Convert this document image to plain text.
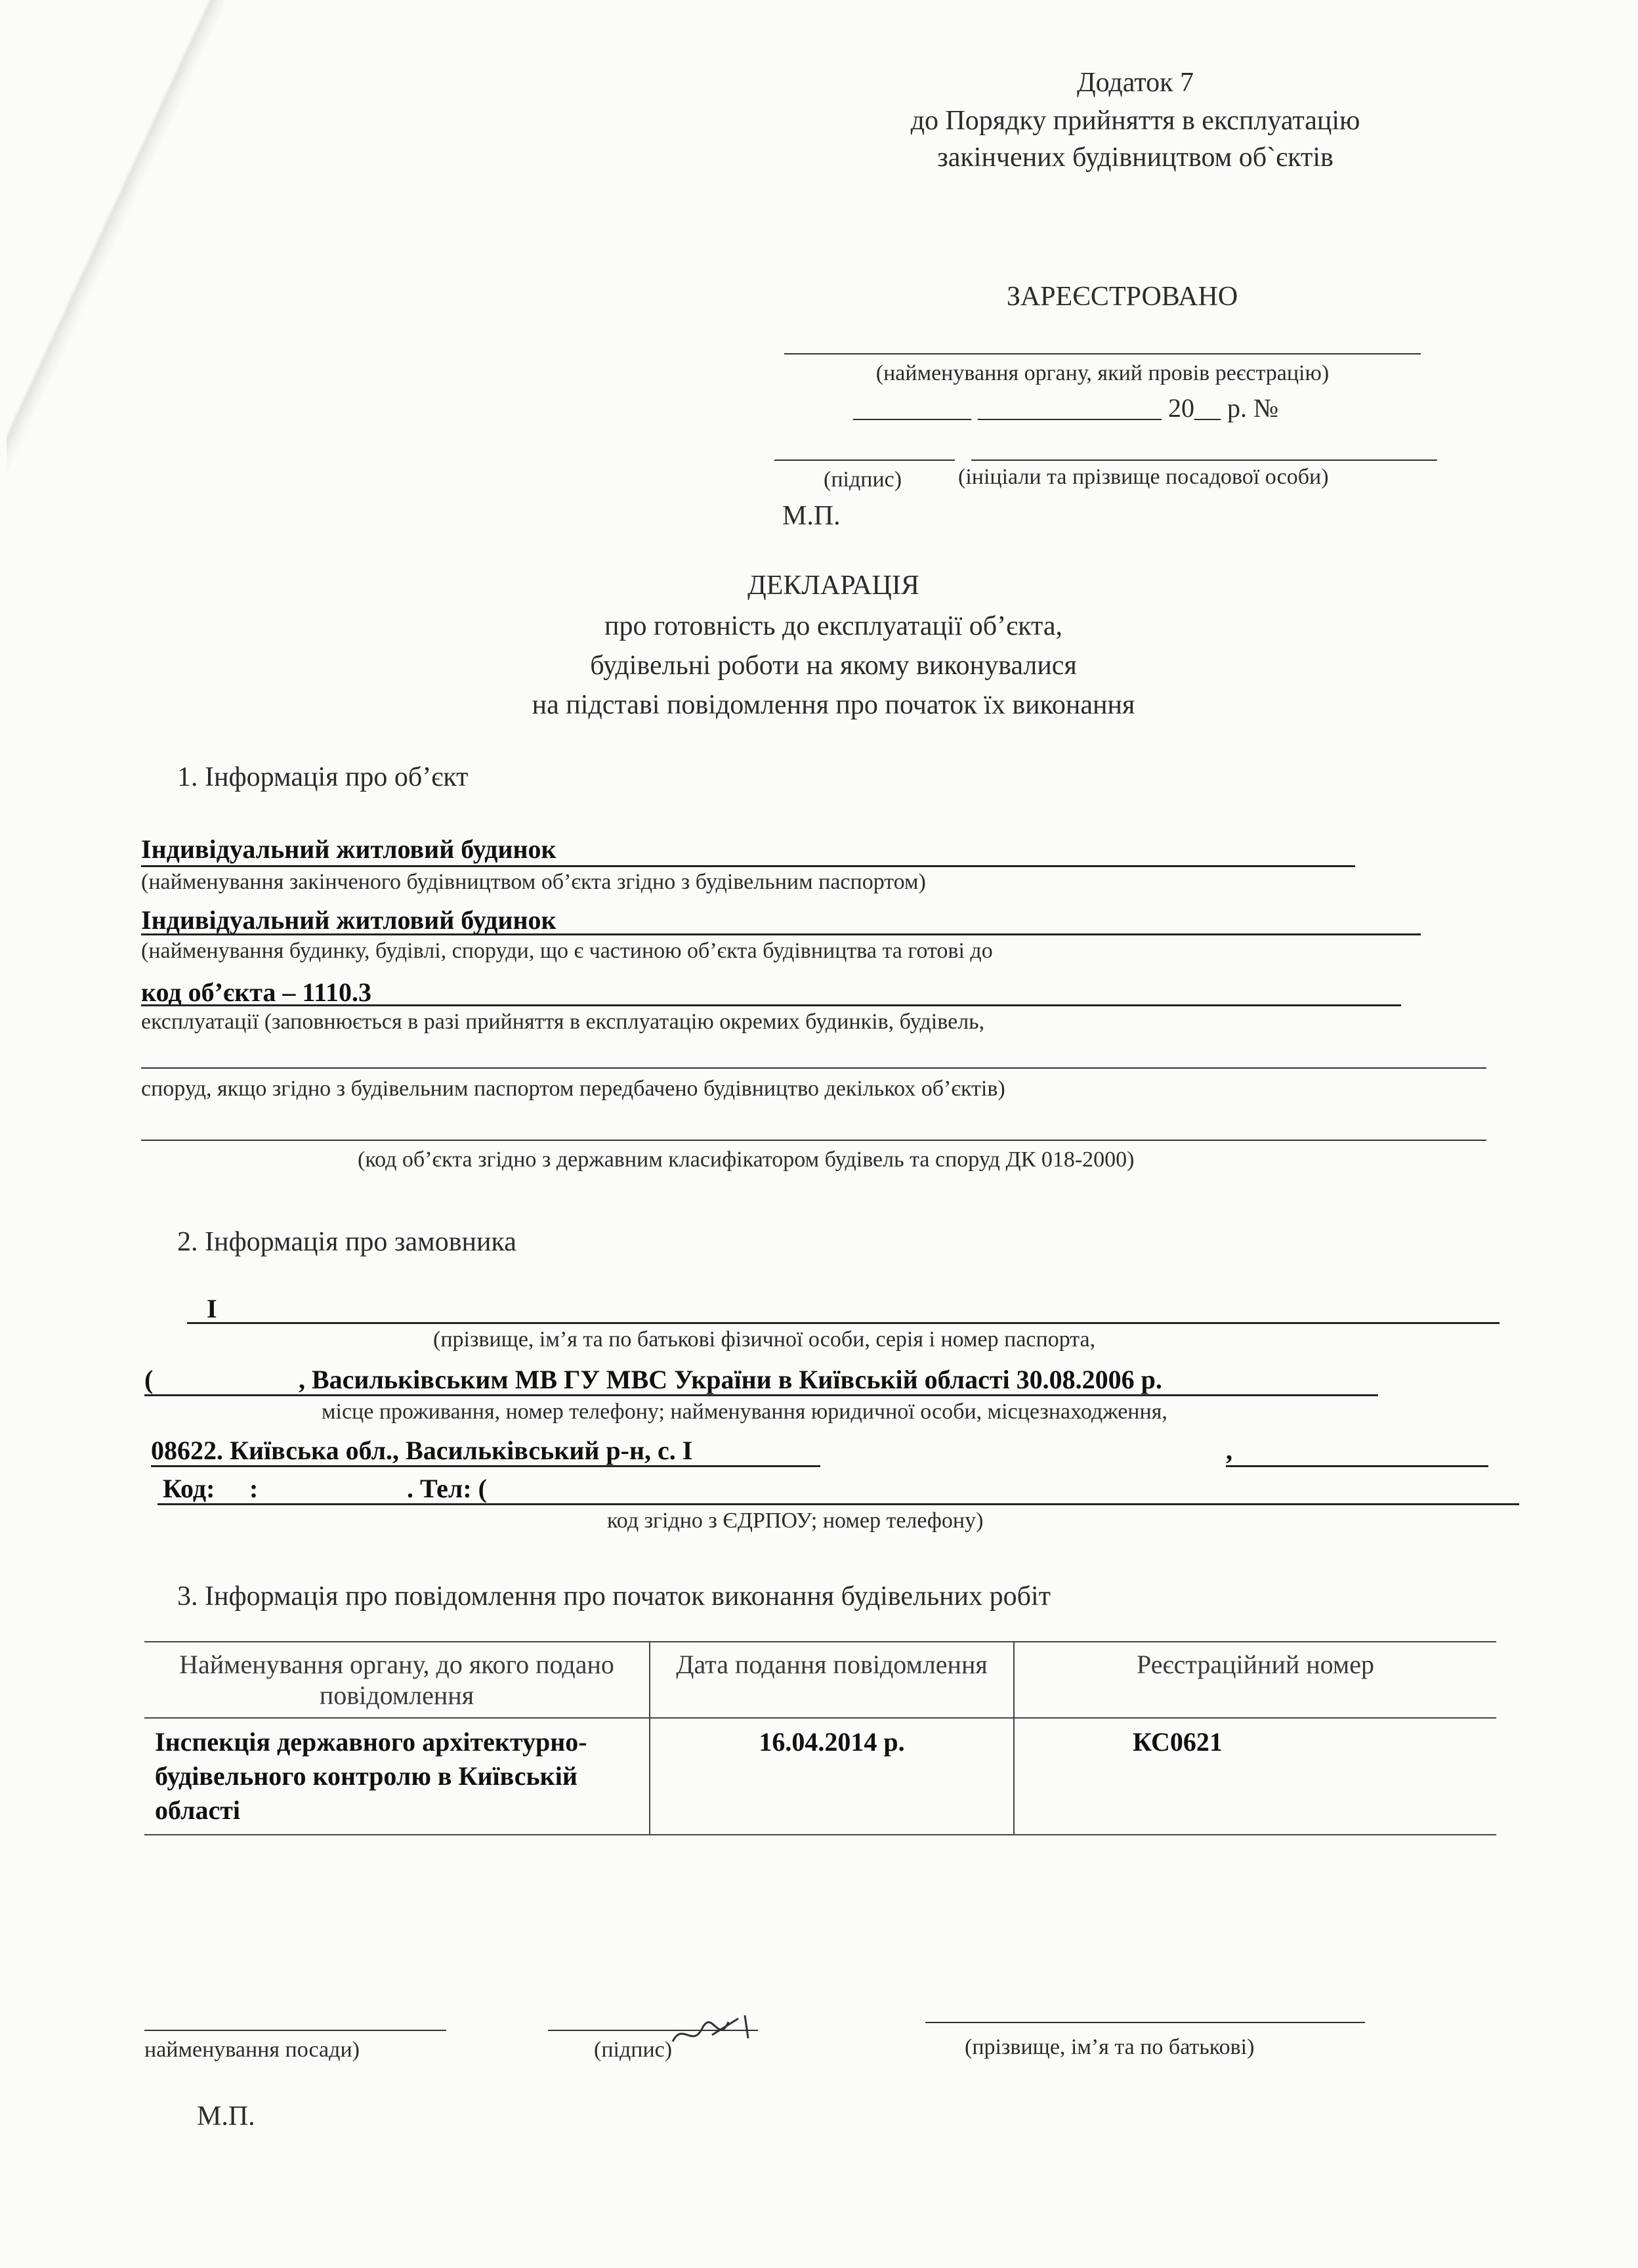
Додаток 7
до Порядку прийняття в експлуатацію
закінчених будівництвом об`єктів
ЗАРЕЄСТРОВАНО
(найменування органу, який провів реєстрацію)
_________ ______________ 20__ р. №
(підпис)	(ініціали та прізвище посадової особи)
М.П.
ДЕКЛАРАЦІЯ
про готовність до експлуатації об’єкта,
будівельні роботи на якому виконувалися
на підставі повідомлення про початок їх виконання
1. Інформація про об’єкт
Індивідуальний житловий будинок
(найменування закінченого будівництвом об’єкта згідно з будівельним паспортом)
Індивідуальний житловий будинок
(найменування будинку, будівлі, споруди, що є частиною об’єкта будівництва та готові до
код об’єкта – 1110.3
експлуатації (заповнюється в разі прийняття в експлуатацію окремих будинків, будівель,
споруд, якщо згідно з будівельним паспортом передбачено будівництво декількох об’єктів)
(код об’єкта згідно з державним класифікатором будівель та споруд ДК 018-2000)
2. Інформація про замовника
І
(прізвище, ім’я та по батькові фізичної особи, серія і номер паспорта,
(	, Васильківським МВ ГУ МВС України в Київській області 30.08.2006 р.
місце проживання, номер телефону; найменування юридичної особи, місцезнаходження,
08622. Київська обл., Васильківський р-н, с. І	,
Код: :	. Тел: (
код згідно з ЄДРПОУ; номер телефону)
3. Інформація про повідомлення про початок виконання будівельних робіт
Найменування органу, до якого подано повідомлення	Дата подання повідомлення	Реєстраційний номер
Інспекція державного архітектурно-будівельного контролю в Київській області	16.04.2014 р.	КС0621
найменування посади)	(підпис)	(прізвище, ім’я та по батькові)
М.П.
